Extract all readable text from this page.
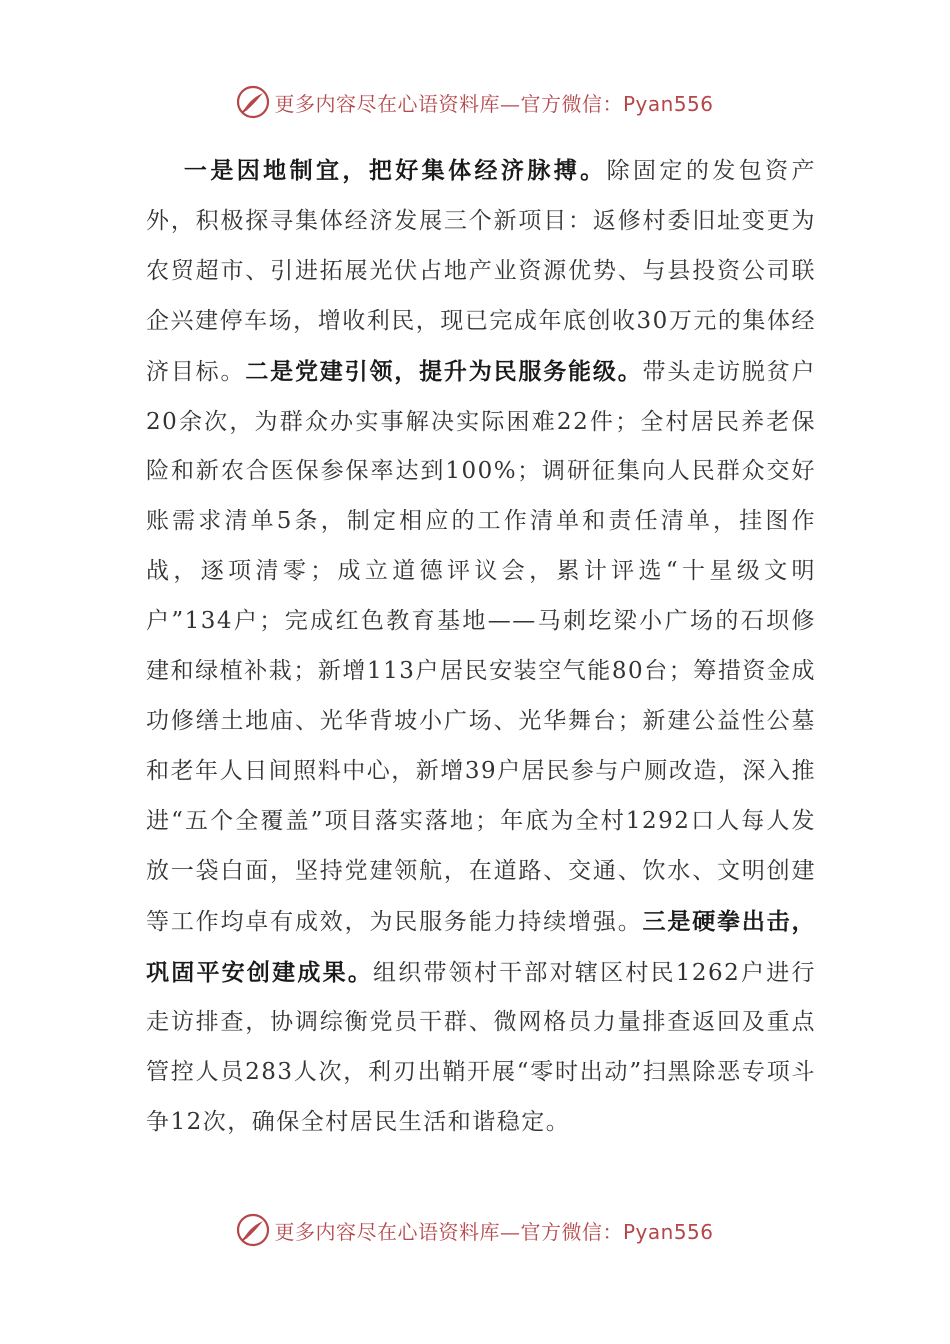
更多内容尽在心语资料库—官方微信：Pyan556
一是因地制宜，把好集体经济脉搏。除固定的发包资产外，积极探寻集体经济发展三个新项目：返修村委旧址变更为农贸超市、引进拓展光伏占地产业资源优势、与县投资公司联企兴建停车场，增收利民，现已完成年底创收30万元的集体经济目标。二是党建引领，提升为民服务能级。带头走访脱贫户20余次，为群众办实事解决实际困难22件；全村居民养老保险和新农合医保参保率达到100%；调研征集向人民群众交好账需求清单5条，制定相应的工作清单和责任清单，挂图作战，逐项清零；成立道德评议会，累计评选“十星级文明户”134户；完成红色教育基地——马刺圪梁小广场的石坝修建和绿植补栽；新增113户居民安装空气能80台；筹措资金成功修缮土地庙、光华背坡小广场、光华舞台；新建公益性公墓和老年人日间照料中心，新增39户居民参与户厕改造，深入推进“五个全覆盖”项目落实落地；年底为全村1292口人每人发放一袋白面，坚持党建领航，在道路、交通、饮水、文明创建等工作均卓有成效，为民服务能力持续增强。三是硬拳出击，巩固平安创建成果。组织带领村干部对辖区村民1262户进行走访排查，协调综衡党员干群、微网格员力量排查返回及重点管控人员283人次，利刃出鞘开展“零时出动”扫黑除恶专项斗争12次，确保全村居民生活和谐稳定。
更多内容尽在心语资料库—官方微信：Pyan556
